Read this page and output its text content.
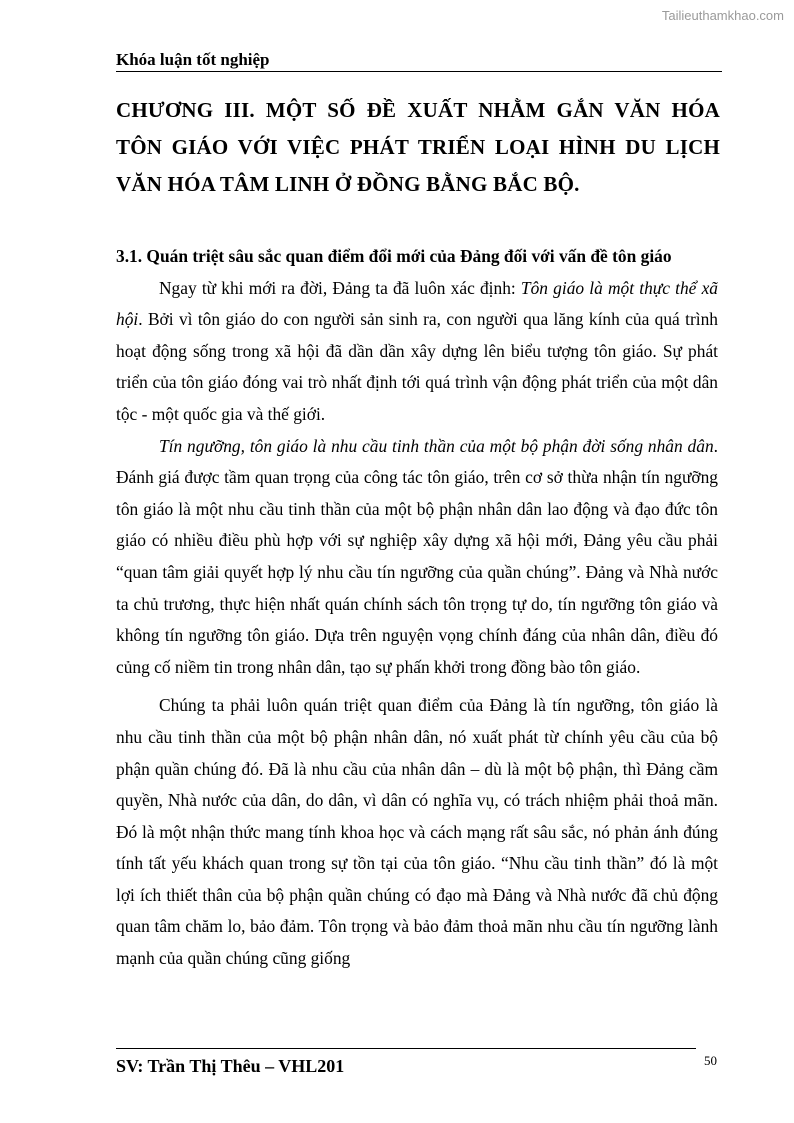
Tailieuthamkhao.com
Khóa luận tốt nghiệp
CHƯƠNG III. MỘT SỐ ĐỀ XUẤT NHẰM GẮN VĂN HÓA
TÔN GIÁO VỚI VIỆC PHÁT TRIỂN LOẠI HÌNH DU LỊCH
VĂN HÓA TÂM LINH Ở ĐỒNG BẰNG BẮC BỘ.
3.1. Quán triệt sâu sắc quan điểm đổi mới của Đảng đối với vấn đề tôn giáo

Ngay từ khi mới ra đời, Đảng ta đã luôn xác định: Tôn giáo là một thực thể xã hội. Bởi vì tôn giáo do con người sản sinh ra, con người qua lăng kính của quá trình hoạt động sống trong xã hội đã dần dần xây dựng lên biểu tượng tôn giáo. Sự phát triển của tôn giáo đóng vai trò nhất định tới quá trình vận động phát triển của một dân tộc - một quốc gia và thế giới.

Tín ngưỡng, tôn giáo là nhu cầu tinh thần của một bộ phận đời sống nhân dân. Đánh giá được tầm quan trọng của công tác tôn giáo, trên cơ sở thừa nhận tín ngưỡng tôn giáo là một nhu cầu tinh thần của một bộ phận nhân dân lao động và đạo đức tôn giáo có nhiều điều phù hợp với sự nghiệp xây dựng xã hội mới, Đảng yêu cầu phải “quan tâm giải quyết hợp lý nhu cầu tín ngưỡng của quần chúng”. Đảng và Nhà nước ta chủ trương, thực hiện nhất quán chính sách tôn trọng tự do, tín ngưỡng tôn giáo và không tín ngưỡng tôn giáo. Dựa trên nguyện vọng chính đáng của nhân dân, điều đó củng cố niềm tin trong nhân dân, tạo sự phấn khởi trong đồng bào tôn giáo.

Chúng ta phải luôn quán triệt quan điểm của Đảng là tín ngưỡng, tôn giáo là nhu cầu tinh thần của một bộ phận nhân dân, nó xuất phát từ chính yêu cầu của bộ phận quần chúng đó. Đã là nhu cầu của nhân dân – dù là một bộ phận, thì Đảng cầm quyền, Nhà nước của dân, do dân, vì dân có nghĩa vụ, có trách nhiệm phải thoả mãn. Đó là một nhận thức mang tính khoa học và cách mạng rất sâu sắc, nó phản ánh đúng tính tất yếu khách quan trong sự tồn tại của tôn giáo. “Nhu cầu tinh thần” đó là một lợi ích thiết thân của bộ phận quần chúng có đạo mà Đảng và Nhà nước đã chủ động quan tâm chăm lo, bảo đảm. Tôn trọng và bảo đảm thoả mãn nhu cầu tín ngưỡng lành mạnh của quần chúng cũng giống

SV: Trần Thị Thêu – VHL201	50
